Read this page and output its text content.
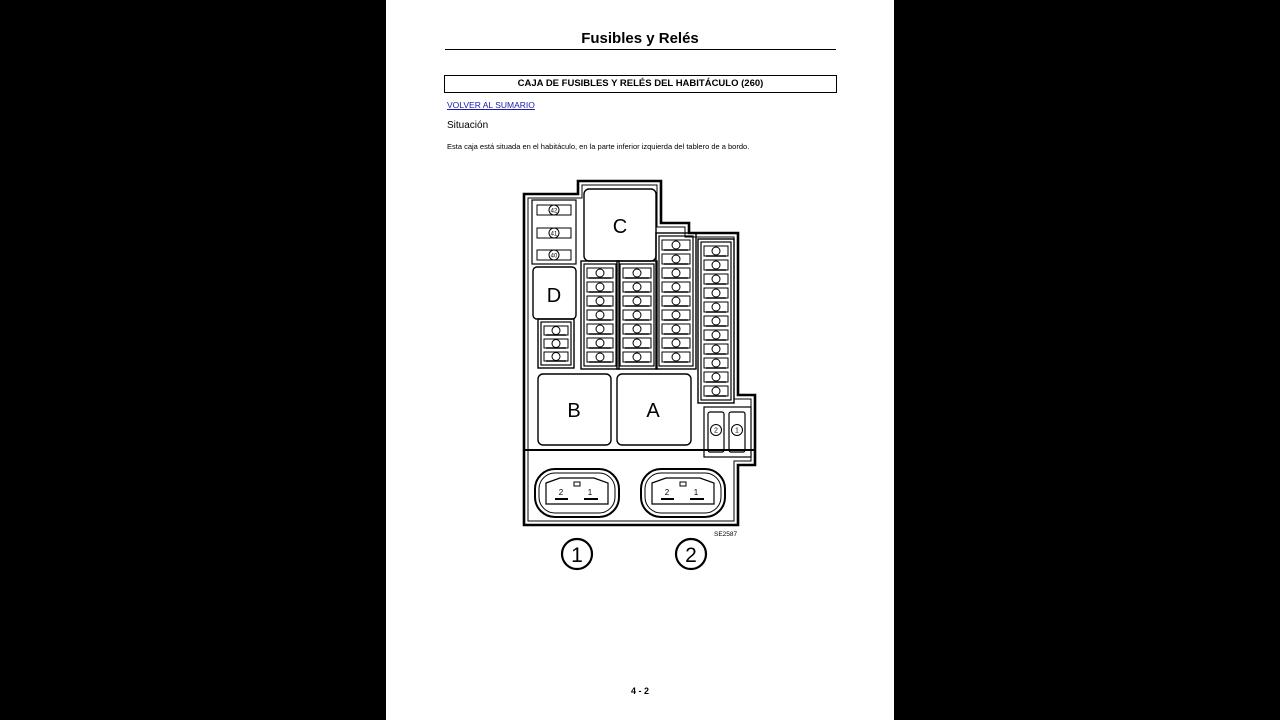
Fusibles y Relés
CAJA DE FUSIBLES Y RELÉS DEL HABITÁCULO (260)
VOLVER AL SUMARIO
Situación
Esta caja está situada en el habitáculo, en la parte inferior izquierda del tablero de a bordo.
C
42
41
40
D
B	A
2 1
2	1	2	1
SE2587
1	2
4 - 2
